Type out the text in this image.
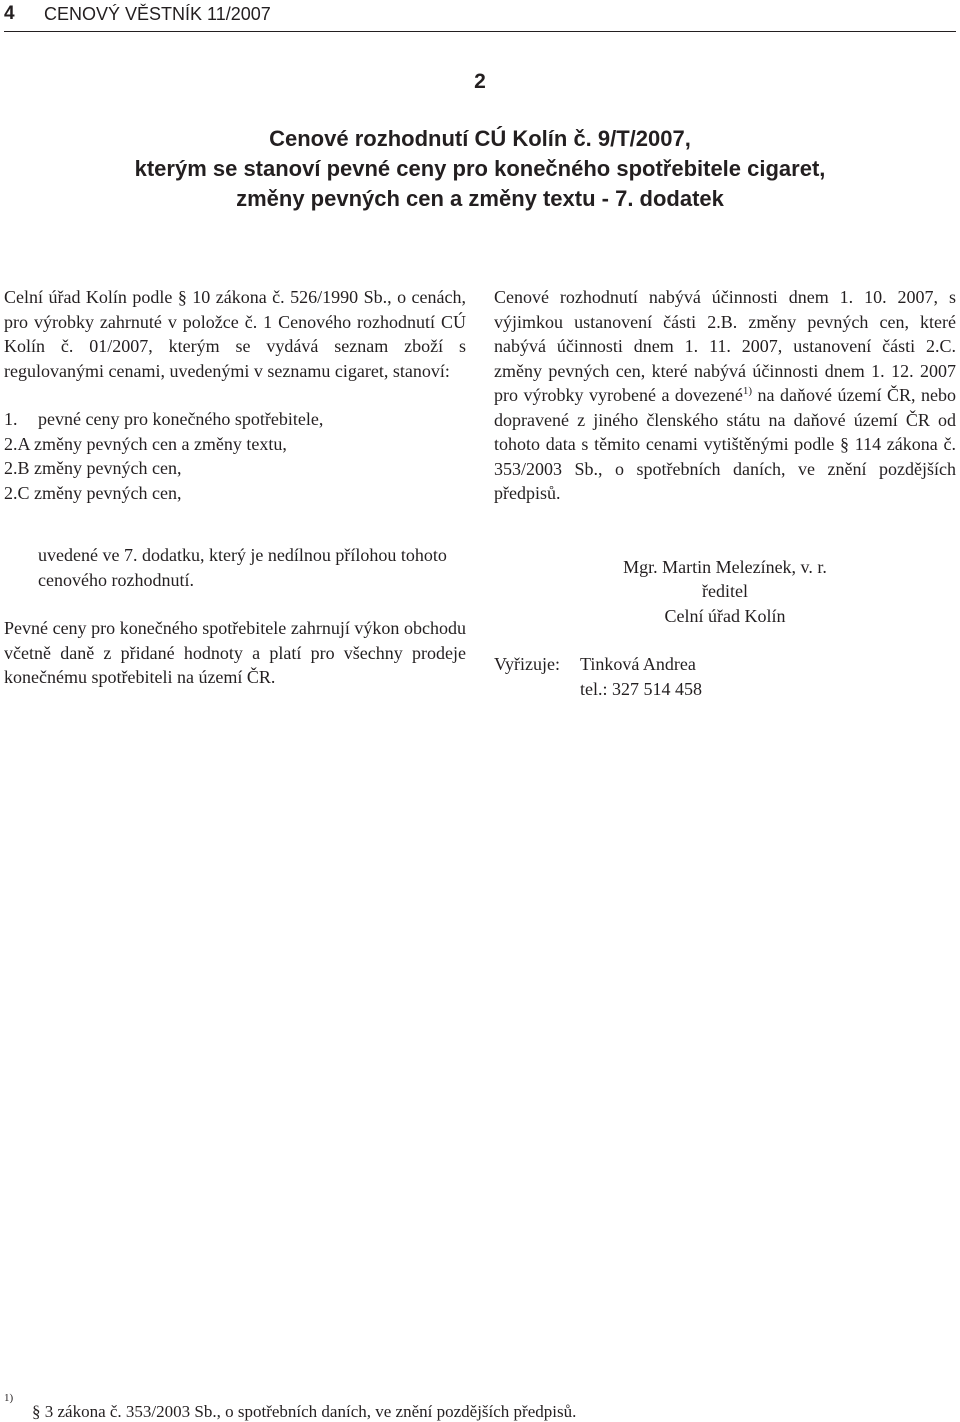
4 CENOVÝ VĚSTNÍK 11/2007
2
Cenové rozhodnutí CÚ Kolín č. 9/T/2007,
kterým se stanoví pevné ceny pro konečného spotřebitele cigaret,
změny pevných cen a změny textu - 7. dodatek

Celní úřad Kolín podle § 10 zákona č. 526/1990 Sb., o cenách, pro výrobky zahrnuté v položce č. 1 Cenového rozhodnutí CÚ Kolín č. 01/2007, kterým se vydává seznam zboží s regulovanými cenami, uvedenými v seznamu cigaret, stanoví:

1. pevné ceny pro konečného spotřebitele,
2.A změny pevných cen a změny textu,
2.B změny pevných cen,
2.C změny pevných cen,

uvedené ve 7. dodatku, který je nedílnou přílohou tohoto cenového rozhodnutí.

Pevné ceny pro konečného spotřebitele zahrnují výkon obchodu včetně daně z přidané hodnoty a platí pro všechny prodeje konečnému spotřebiteli na území ČR.

Cenové rozhodnutí nabývá účinnosti dnem 1. 10. 2007, s výjimkou ustanovení části 2.B. změny pevných cen, které nabývá účinnosti dnem 1. 11. 2007, ustanovení části 2.C. změny pevných cen, které nabývá účinnosti dnem 1. 12. 2007 pro výrobky vyrobené a dovezené$^{1)}$ na daňové území ČR, nebo dopravené z jiného členského státu na daňové území ČR od tohoto data s těmito cenami vytištěnými podle § 114 zákona č. 353/2003 Sb., o spotřebních daních, ve znění pozdějších předpisů.

Mgr. Martin Melezínek, v. r.
ředitel
Celní úřad Kolín
Vyřizuje:	Tinková Andrea
tel.: 327 514 458
1)
§ 3 zákona č. 353/2003 Sb., o spotřebních daních, ve znění pozdějších předpisů.
